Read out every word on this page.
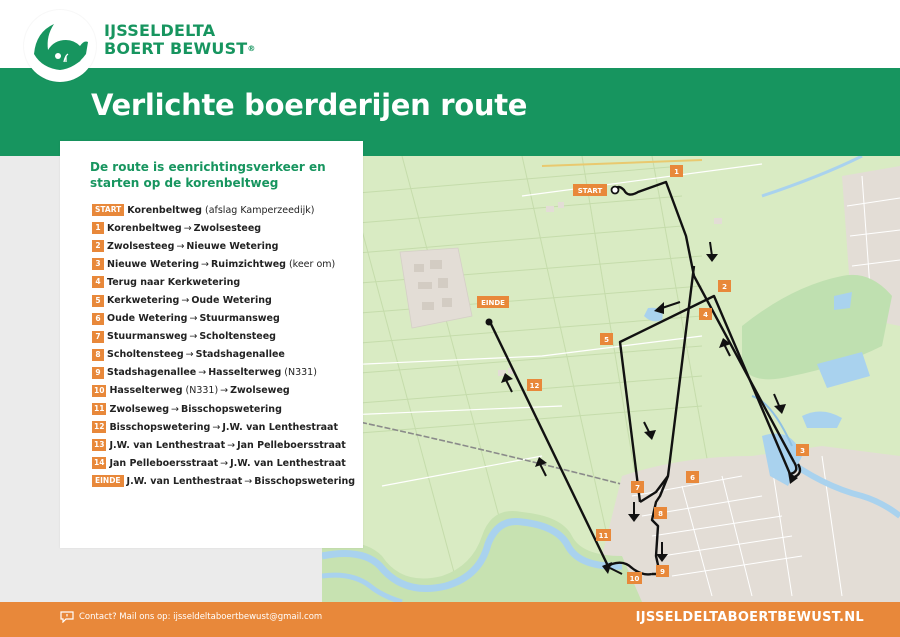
IJSSELDELTA
BOERT BEWUST®
Verlichte boerderijen route
START
1
2
3
4
5
6
7
8
9
10
11
12
EINDE
De route is eenrichtingsverkeer en starten op de korenbeltweg
START Korenbeltweg (afslag Kamperzeedijk)
1 Korenbeltweg → Zwolsesteeg
2 Zwolsesteeg → Nieuwe Wetering
3 Nieuwe Wetering → Ruimzichtweg (keer om)
4 Terug naar Kerkwetering
5 Kerkwetering → Oude Wetering
6 Oude Wetering → Stuurmansweg
7 Stuurmansweg → Scholtensteeg
8 Scholtensteeg → Stadshagenallee
9 Stadshagenallee → Hasselterweg (N331)
10 Hasselterweg (N331) → Zwolseweg
11 Zwolseweg → Bisschopswetering
12 Bisschopswetering → J.W. van Lenthestraat
13 J.W. van Lenthestraat → Jan Pelleboersstraat
14 Jan Pelleboersstraat → J.W. van Lenthestraat
EINDE J.W. van Lenthestraat → Bisschopswetering
Contact? Mail ons op: ijsseldeltaboertbewust@gmail.com	IJSSELDELTABOERTBEWUST.NL
